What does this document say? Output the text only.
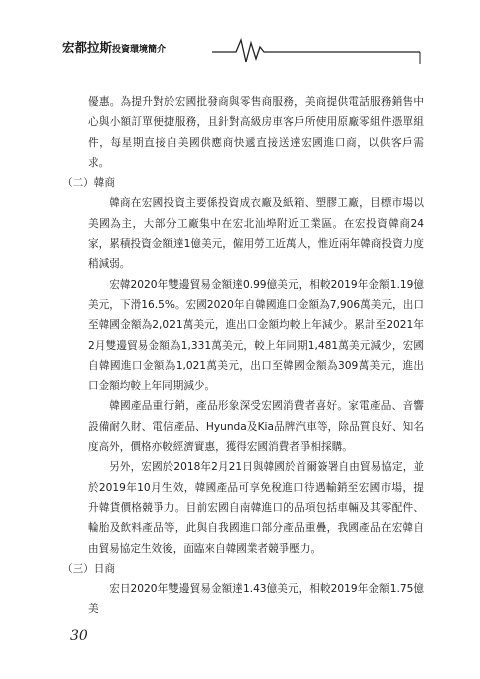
宏都拉斯投資環境簡介

優惠。為提升對於宏國批發商與零售商服務，美商提供電話服務銷售中心與小額訂單便捷服務，且針對高級房車客戶所使用原廠零組件憑單組件，每星期直接自美國供應商快遞直接送達宏國進口商，以供客戶需求。

（二）韓商

韓商在宏國投資主要係投資成衣廠及紙箱、塑膠工廠，目標市場以美國為主，大部分工廠集中在宏北汕埠附近工業區。在宏投資韓商24家，累積投資金額達1億美元，僱用勞工近萬人，惟近兩年韓商投資力度稍減弱。

宏韓2020年雙邊貿易金額達0.99億美元，相較2019年金額1.19億美元，下滑16.5%。宏國2020年自韓國進口金額為7,906萬美元，出口至韓國金額為2,021萬美元，進出口金額均較上年減少。累計至2021年2月雙邊貿易金額為1,331萬美元，較上年同期1,481萬美元減少，宏國自韓國進口金額為1,021萬美元，出口至韓國金額為309萬美元，進出口金額均較上年同期減少。

韓國產品重行銷，產品形象深受宏國消費者喜好。家電產品、音響設備耐久財、電信產品、Hyunda及Kia品牌汽車等，除品質良好、知名度高外，價格亦較經濟實惠，獲得宏國消費者爭相採購。

另外，宏國於2018年2月21日與韓國於首爾簽署自由貿易協定，並於2019年10月生效，韓國產品可享免稅進口待遇輸銷至宏國市場，提升韓貨價格競爭力。目前宏國自南韓進口的品項包括車輛及其零配件、輪胎及飲料產品等，此與自我國進口部分產品重疊，我國產品在宏韓自由貿易協定生效後，面臨來自韓國業者競爭壓力。

（三）日商

宏日2020年雙邊貿易金額達1.43億美元，相較2019年金額1.75億美

30
